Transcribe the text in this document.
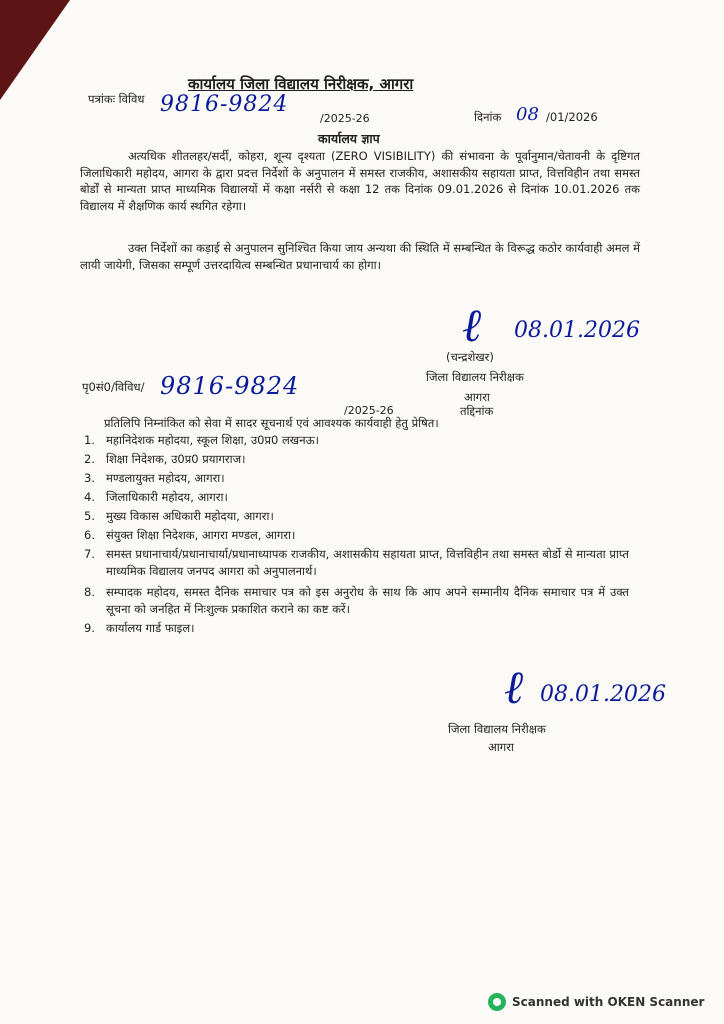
कार्यालय जिला विद्यालय निरीक्षक, आगरा
पत्रांकः विविध 9816-9824
/2025-26	दिनांक 08 /01/2026
कार्यालय ज्ञाप
अत्यधिक शीतलहर/सर्दी, कोहरा, शून्य दृश्यता (ZERO VISIBILITY) की संभावना के पूर्वानुमान/चेतावनी के दृष्टिगत जिलाधिकारी महोदय, आगरा के द्वारा प्रदत्त निर्देशों के अनुपालन में समस्त राजकीय, अशासकीय सहायता प्राप्त, वित्तविहीन तथा समस्त बोर्डों से मान्यता प्राप्त माध्यमिक विद्यालयों में कक्षा नर्सरी से कक्षा 12 तक दिनांक 09.01.2026 से दिनांक 10.01.2026 तक विद्यालय में शैक्षणिक कार्य स्थगित रहेगा।
उक्त निर्देशों का कड़ाई से अनुपालन सुनिश्चित किया जाय अन्यथा की स्थिति में सम्बन्धित के विरूद्ध कठोर कार्यवाही अमल में लायी जायेगी, जिसका सम्पूर्ण उत्तरदायित्व सम्बन्धित प्रधानाचार्य का होगा।
ℓ 08.01.2026
(चन्द्रशेखर)
जिला विद्यालय निरीक्षक
आगरा
पृ0सं0/विविध/ 9816-9824
/2025-26	तद्दिनांक
प्रतिलिपि निम्नांकित को सेवा में सादर सूचनार्थ एवं आवश्यक कार्यवाही हेतु प्रेषित।
1. महानिदेशक महोदया, स्कूल शिक्षा, उ0प्र0 लखनऊ।
2. शिक्षा निदेशक, उ0प्र0 प्रयागराज।
3. मण्डलायुक्त महोदय, आगरा।
4. जिलाधिकारी महोदय, आगरा।
5. मुख्य विकास अधिकारी महोदया, आगरा।
6. संयुक्त शिक्षा निदेशक, आगरा मण्डल, आगरा।
7. समस्त प्रधानाचार्य/प्रधानाचार्या/प्रधानाध्यापक राजकीय, अशासकीय सहायता प्राप्त, वित्तविहीन तथा समस्त बोर्डो से मान्यता प्राप्त माध्यमिक विद्यालय जनपद आगरा को अनुपालनार्थ।
8. सम्पादक महोदय, समस्त दैनिक समाचार पत्र को इस अनुरोध के साथ कि आप अपने सम्मानीय दैनिक समाचार पत्र में उक्त सूचना को जनहित में निःशुल्क प्रकाशित कराने का कष्ट करें।
9. कार्यालय गार्ड फाइल।
ℓ 08.01.2026
जिला विद्यालय निरीक्षक
आगरा
Scanned with OKEN Scanner
